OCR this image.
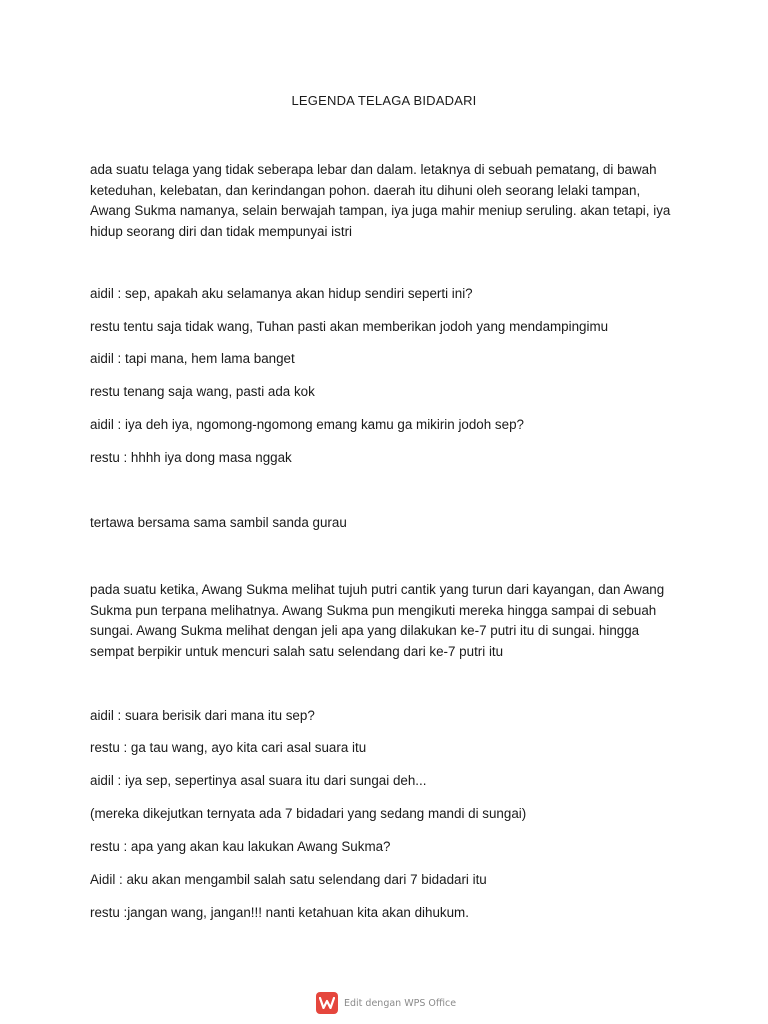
LEGENDA TELAGA BIDADARI
ada suatu telaga yang tidak seberapa lebar dan dalam. letaknya di sebuah pematang, di bawah keteduhan, kelebatan, dan kerindangan pohon. daerah itu dihuni oleh seorang lelaki tampan, Awang Sukma namanya, selain berwajah tampan, iya juga mahir meniup seruling. akan tetapi, iya hidup seorang diri dan tidak mempunyai istri
aidil : sep, apakah aku selamanya akan hidup sendiri seperti ini?
restu tentu saja tidak wang, Tuhan pasti akan memberikan jodoh yang mendampingimu
aidil : tapi mana, hem lama banget
restu tenang saja wang, pasti ada kok
aidil : iya deh iya, ngomong-ngomong emang kamu ga mikirin jodoh sep?
restu : hhhh iya dong masa nggak
tertawa bersama sama sambil sanda gurau
pada suatu ketika, Awang Sukma melihat tujuh putri cantik yang turun dari kayangan, dan Awang Sukma pun terpana melihatnya. Awang Sukma pun mengikuti mereka hingga sampai di sebuah sungai. Awang Sukma melihat dengan jeli apa yang dilakukan ke-7 putri itu di sungai. hingga sempat berpikir untuk mencuri salah satu selendang dari ke-7 putri itu
aidil : suara berisik dari mana itu sep?
restu : ga tau wang, ayo kita cari asal suara itu
aidil : iya sep, sepertinya asal suara itu dari sungai deh...
(mereka dikejutkan ternyata ada 7 bidadari yang sedang mandi di sungai)
restu : apa yang akan kau lakukan Awang Sukma?
Aidil : aku akan mengambil salah satu selendang dari 7 bidadari itu
restu :jangan wang, jangan!!! nanti ketahuan kita akan dihukum.
Edit dengan WPS Office
